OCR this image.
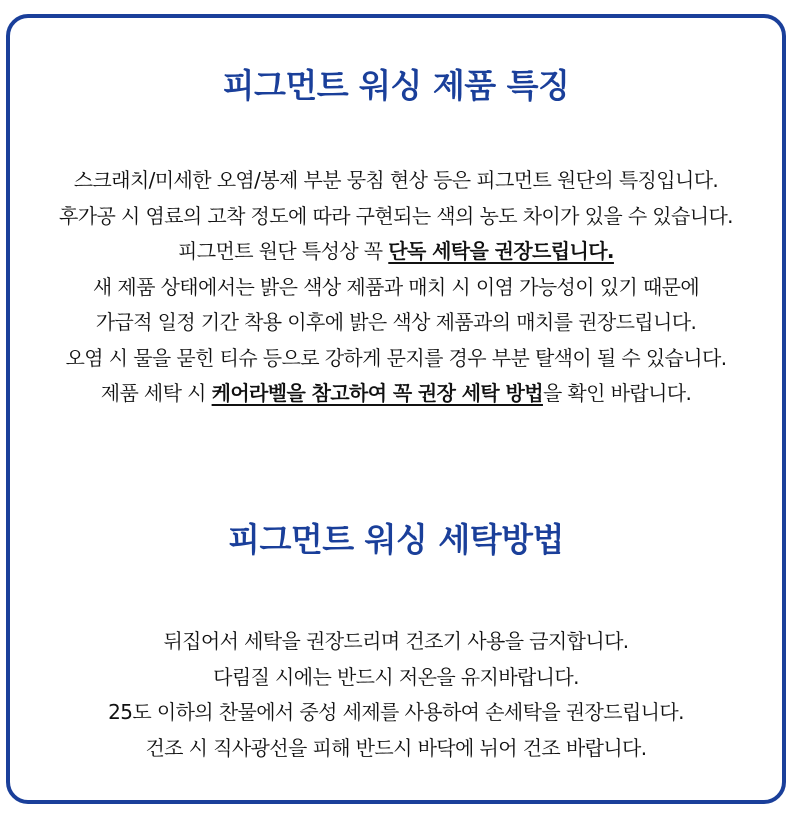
피그먼트 워싱 제품 특징

스크래치/미세한 오염/봉제 부분 뭉침 현상 등은 피그먼트 원단의 특징입니다.

후가공 시 염료의 고착 정도에 따라 구현되는 색의 농도 차이가 있을 수 있습니다.

피그먼트 원단 특성상 꼭 단독 세탁을 권장드립니다.

새 제품 상태에서는 밝은 색상 제품과 매치 시 이염 가능성이 있기 때문에

가급적 일정 기간 착용 이후에 밝은 색상 제품과의 매치를 권장드립니다.

오염 시 물을 묻힌 티슈 등으로 강하게 문지를 경우 부분 탈색이 될 수 있습니다.

제품 세탁 시 케어라벨을 참고하여 꼭 권장 세탁 방법을 확인 바랍니다.

피그먼트 워싱 세탁방법

뒤집어서 세탁을 권장드리며 건조기 사용을 금지합니다.

다림질 시에는 반드시 저온을 유지바랍니다.

25도 이하의 찬물에서 중성 세제를 사용하여 손세탁을 권장드립니다.

건조 시 직사광선을 피해 반드시 바닥에 뉘어 건조 바랍니다.
